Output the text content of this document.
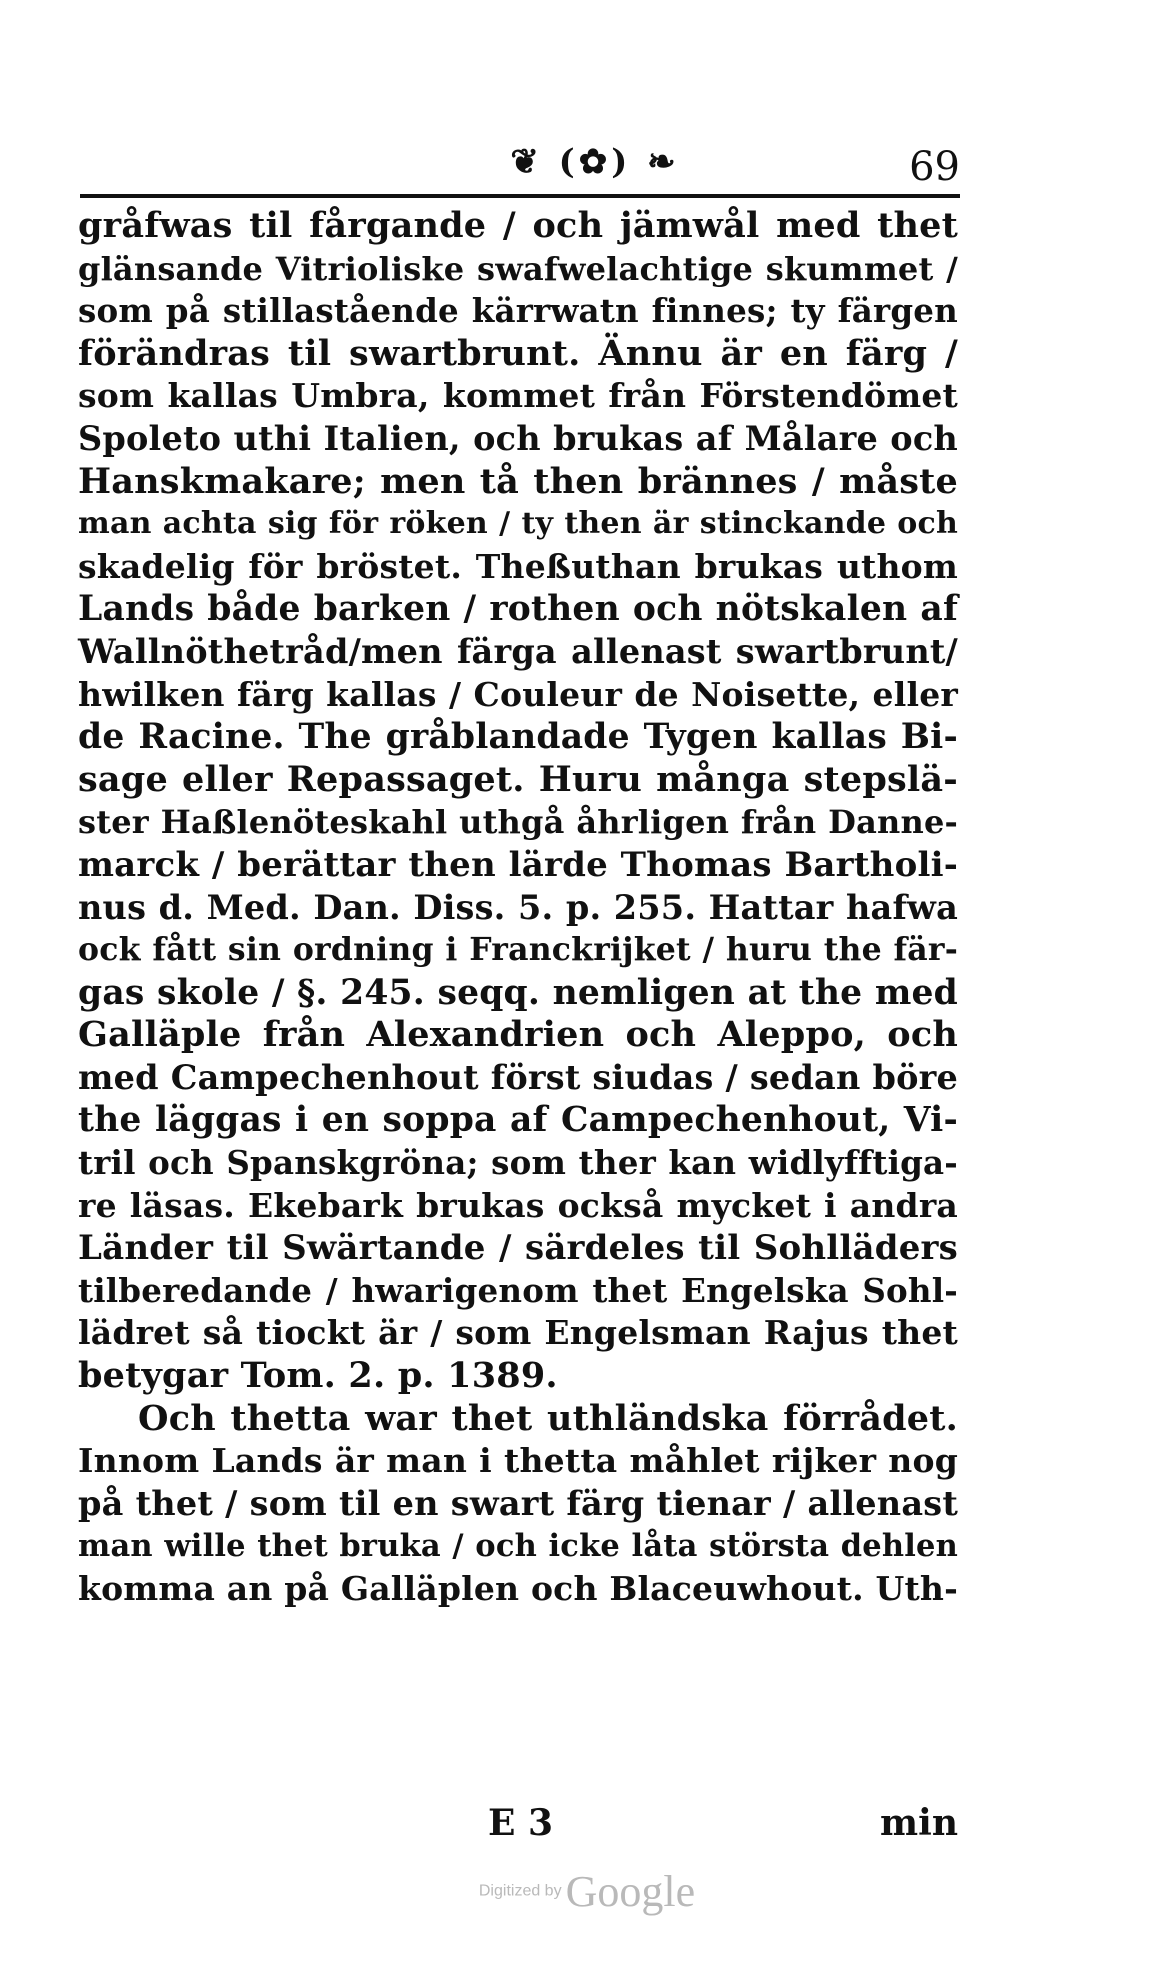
❦ (✿) ❧	69
gråfwas til fårgande / och jämwål med thet
glänsande Vitrioliske swafwelachtige skummet /
som på stillastående kärrwatn finnes; ty färgen
förändras til swartbrunt. Ännu är en färg /
som kallas Umbra, kommet från Förstendömet
Spoleto uthi Italien, och brukas af Målare och
Hanskmakare; men tå then brännes / måste
man achta sig för röken / ty then är stinckande och
skadelig för bröstet. Theßuthan brukas uthom
Lands både barken / rothen och nötskalen af
Wallnöthetråd/men färga allenast swartbrunt/
hwilken färg kallas / Couleur de Noisette, eller
de Racine. The gråblandade Tygen kallas Bi-
sage eller Repassaget. Huru många stepslä-
ster Haßlenöteskahl uthgå åhrligen från Danne-
marck / berättar then lärde Thomas Bartholi-
nus d. Med. Dan. Diss. 5. p. 255. Hattar hafwa
ock fått sin ordning i Franckrijket / huru the fär-
gas skole / §. 245. seqq. nemligen at the med
Galläple från Alexandrien och Aleppo, och
med Campechenhout först siudas / sedan böre
the läggas i en soppa af Campechenhout, Vi-
tril och Spanskgröna; som ther kan widlyfftiga-
re läsas. Ekebark brukas också mycket i andra
Länder til Swärtande / särdeles til Sohlläders
tilberedande / hwarigenom thet Engelska Sohl-
lädret så tiockt är / som Engelsman Rajus thet
betygar Tom. 2. p. 1389.
Och thetta war thet uthländska förrådet.
Innom Lands är man i thetta måhlet rijker nog
på thet / som til en swart färg tienar / allenast
man wille thet bruka / och icke låta största dehlen
komma an på Galläplen och Blaceuwhout. Uth-
E 3	min
Digitized by Google
